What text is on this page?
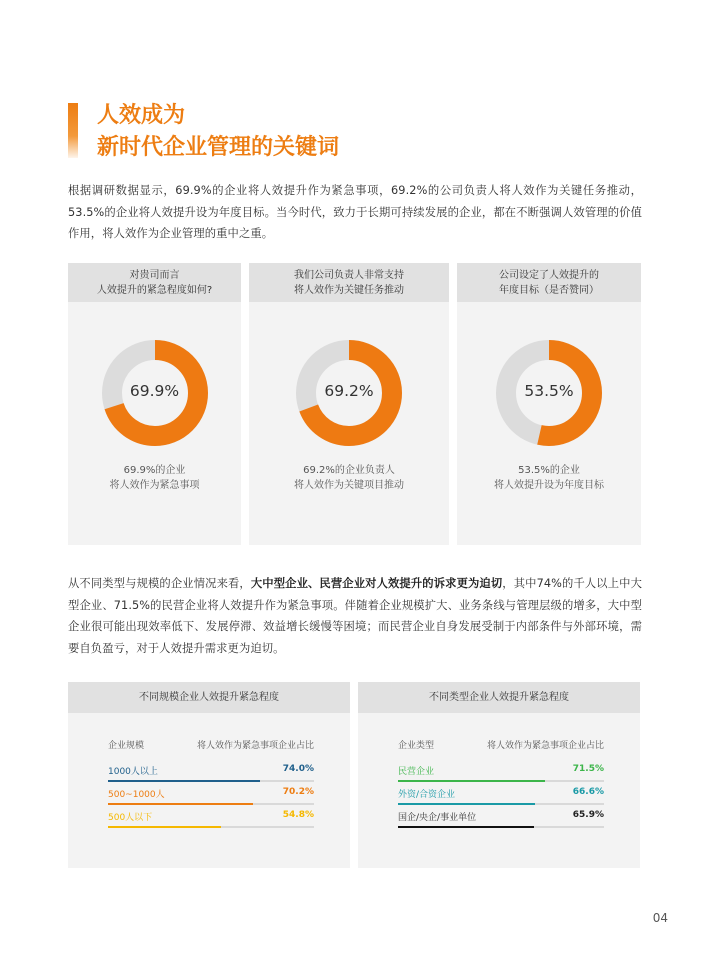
人效成为
新时代企业管理的关键词

根据调研数据显示，69.9%的企业将人效提升作为紧急事项，69.2%的公司负责人将人效作为关键任务推动，53.5%的企业将人效提升设为年度目标。当今时代，致力于长期可持续发展的企业，都在不断强调人效管理的价值作用，将人效作为企业管理的重中之重。

对贵司而言
人效提升的紧急程度如何?
69.9%
69.9%的企业
将人效作为紧急事项
我们公司负责人非常支持
将人效作为关键任务推动
69.2%
69.2%的企业负责人
将人效作为关键项目推动
公司设定了人效提升的
年度目标（是否赞同）
53.5%
53.5%的企业
将人效提升设为年度目标

从不同类型与规模的企业情况来看，大中型企业、民营企业对人效提升的诉求更为迫切，其中74%的千人以上中大型企业、71.5%的民营企业将人效提升作为紧急事项。伴随着企业规模扩大、业务条线与管理层级的增多，大中型企业很可能出现效率低下、发展停滞、效益增长缓慢等困境；而民营企业自身发展受制于内部条件与外部环境，需要自负盈亏，对于人效提升需求更为迫切。

不同规模企业人效提升紧急程度
企业规模	将人效作为紧急事项企业占比
1000人以上	74.0%
500~1000人	70.2%
500人以下	54.8%
不同类型企业人效提升紧急程度
企业类型	将人效作为紧急事项企业占比
民营企业	71.5%
外资/合资企业	66.6%
国企/央企/事业单位	65.9%
04
